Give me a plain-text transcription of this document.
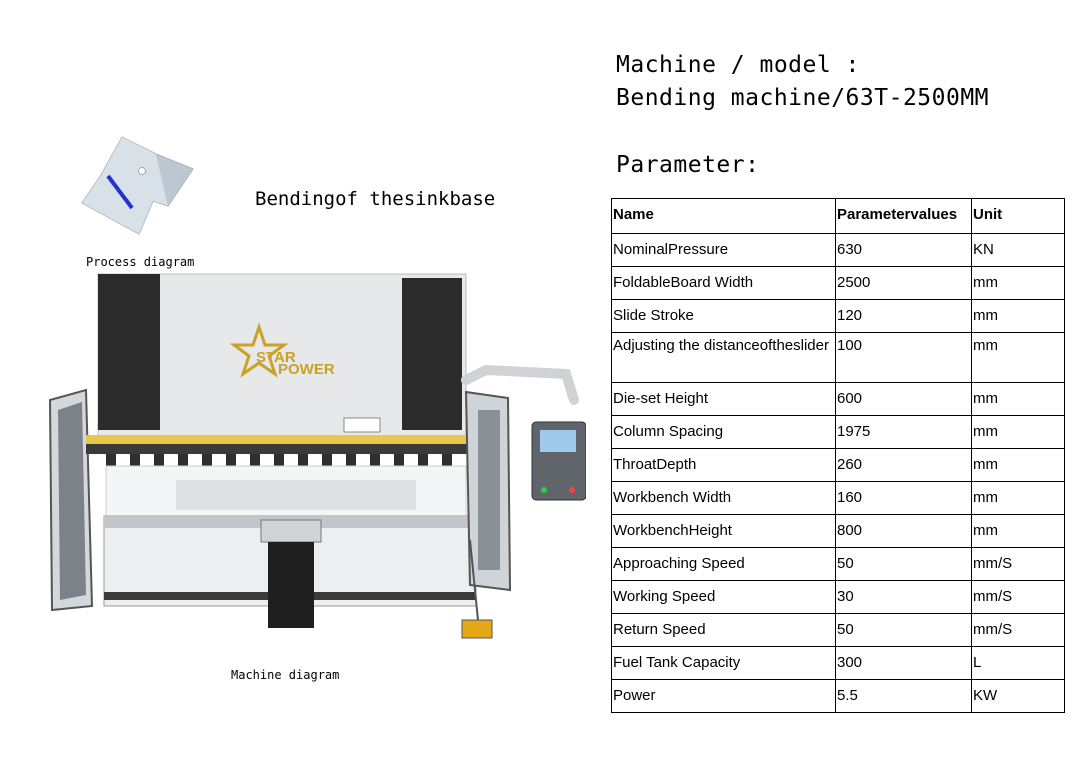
Machine / model :
Bending machine/63T-2500MM
Parameter:
Bendingof thesinkbase
Process diagram
STAR
POWER
Machine diagram
Name	Parametervalues	Unit
NominalPressure	630	KN
FoldableBoard Width	2500	mm
Slide Stroke	120	mm
Adjusting the distanceoftheslider	100	mm
Die-set Height	600	mm
Column Spacing	1975	mm
ThroatDepth	260	mm
Workbench Width	160	mm
WorkbenchHeight	800	mm
Approaching Speed	50	mm/S
Working Speed	30	mm/S
Return Speed	50	mm/S
Fuel Tank Capacity	300	L
Power	5.5	KW
